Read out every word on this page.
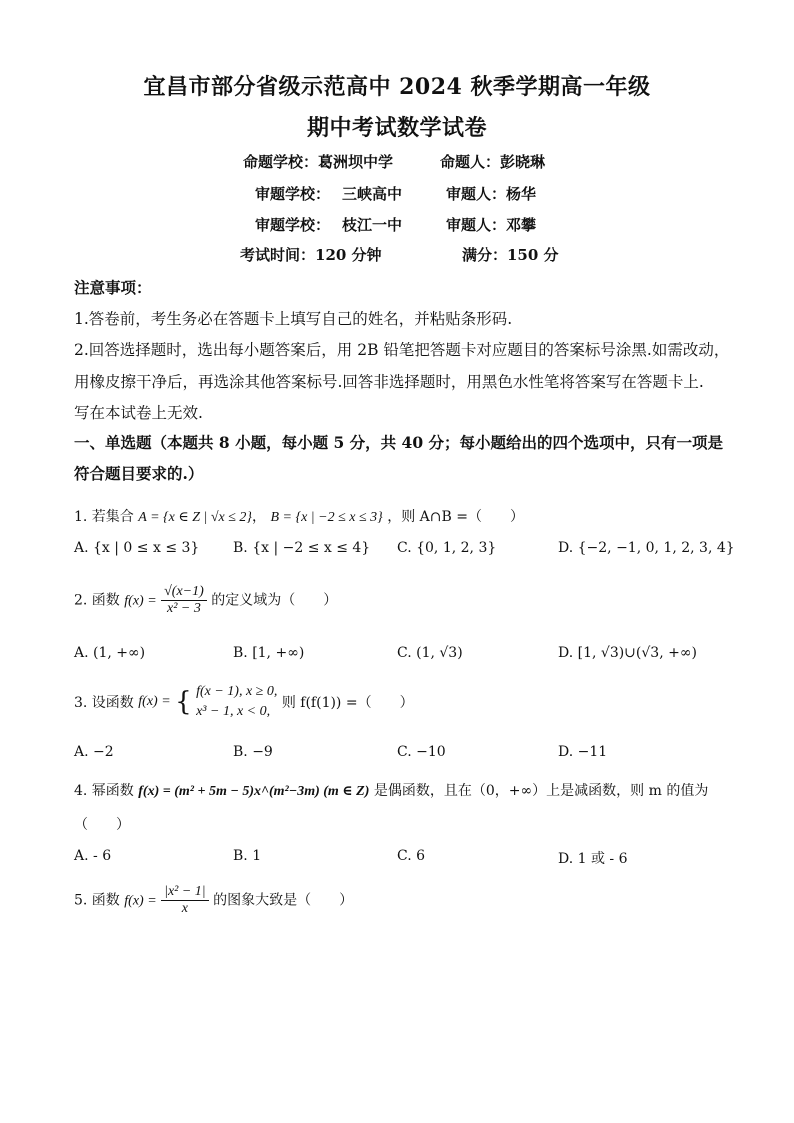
宜昌市部分省级示范高中 2024 秋季学期高一年级
期中考试数学试卷
命题学校：葛洲坝中学	命题人：彭晓琳
审题学校： 三峡高中	审题人：杨华
审题学校： 枝江一中	审题人：邓攀
考试时间：120 分钟	满分：150 分
注意事项：
1.答卷前，考生务必在答题卡上填写自己的姓名，并粘贴条形码.
2.回答选择题时，选出每小题答案后，用 2B 铅笔把答题卡对应题目的答案标号涂黑.如需改动，
用橡皮擦干净后，再选涂其他答案标号.回答非选择题时，用黑色水性笔将答案写在答题卡上.
写在本试卷上无效.
一、单选题（本题共 8 小题，每小题 5 分，共 40 分；每小题给出的四个选项中，只有一项是
符合题目要求的.）
1. 若集合 A = {x ∈ Z | √x ≤ 2}， B = {x | −2 ≤ x ≤ 3} ，则 A∩B =（　　）
A. {x | 0 ≤ x ≤ 3} B. {x | −2 ≤ x ≤ 4} C. {0, 1, 2, 3}	D. {−2, −1, 0, 1, 2, 3, 4}
2. 函数 $f(x) = \frac{√(x-1)}{\text{x² − 3}}$ 的定义域为（　　）
A. (1, +∞)	B. [1, +∞)	C. (1, √3)	D. [1, √3)∪(√3, +∞)
3. 设函数 f(x) = { f(x − 1), x ≥ 0,
x³ − 1, x < 0,
则 f(f(1)) =（　　）
A. −2	B. −9	C. −10	D. −11
4. 幂函数 f(x) = (m² + 5m − 5)x^(m²−3m) (m ∈ Z) 是偶函数，且在（0，+∞）上是减函数，则 m 的值为
（　　）
A. - 6	B. 1	C. 6	D. 1 或 - 6
5. 函数 $f(x) = \frac{\text{|x² − 1|}}{x}$ 的图象大致是（　　）
